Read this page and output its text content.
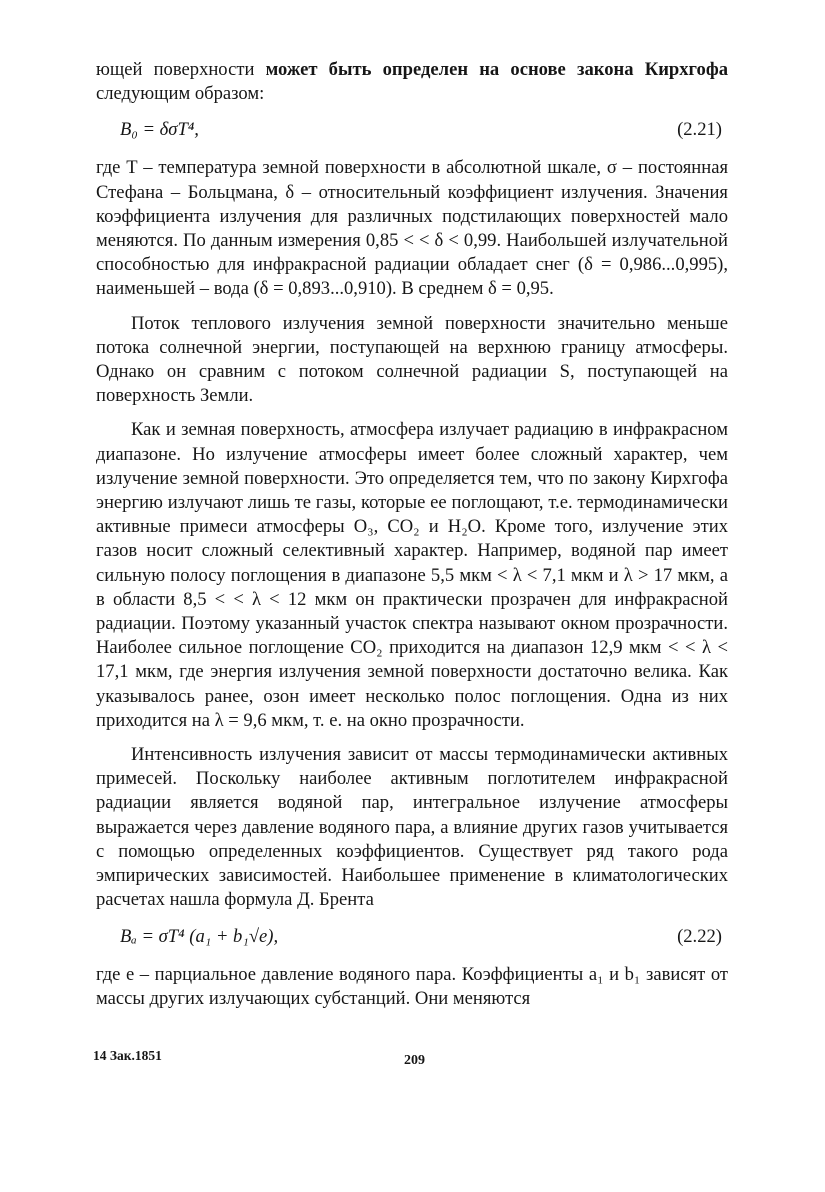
ющей поверхности может быть определен на основе закона Кирхгофа следующим образом:

B₀ = δσT⁴,	(2.21)

где T – температура земной поверхности в абсолютной шкале, σ – постоянная Стефана – Больцмана, δ – относительный коэффициент излучения. Значения коэффициента излучения для различных подстилающих поверхностей мало меняются. По данным измерения 0,85 < < δ < 0,99. Наибольшей излучательной способностью для инфракрасной радиации обладает снег (δ = 0,986...0,995), наименьшей – вода (δ = 0,893...0,910). В среднем δ = 0,95.

Поток теплового излучения земной поверхности значительно меньше потока солнечной энергии, поступающей на верхнюю границу атмосферы. Однако он сравним с потоком солнечной радиации S, поступающей на поверхность Земли.

Как и земная поверхность, атмосфера излучает радиацию в инфракрасном диапазоне. Но излучение атмосферы имеет более сложный характер, чем излучение земной поверхности. Это определяется тем, что по закону Кирхгофа энергию излучают лишь те газы, которые ее поглощают, т.е. термодинамически активные примеси атмосферы O₃, CO₂ и H₂O. Кроме того, излучение этих газов носит сложный селективный характер. Например, водяной пар имеет сильную полосу поглощения в диапазоне 5,5 мкм < λ < 7,1 мкм и λ > 17 мкм, а в области 8,5 < < λ < 12 мкм он практически прозрачен для инфракрасной радиации. Поэтому указанный участок спектра называют окном прозрачности. Наиболее сильное поглощение CO₂ приходится на диапазон 12,9 мкм < < λ < 17,1 мкм, где энергия излучения земной поверхности достаточно велика. Как указывалось ранее, озон имеет несколько полос поглощения. Одна из них приходится на λ = 9,6 мкм, т. е. на окно прозрачности.

Интенсивность излучения зависит от массы термодинамически активных примесей. Поскольку наиболее активным поглотителем инфракрасной радиации является водяной пар, интегральное излучение атмосферы выражается через давление водяного пара, а влияние других газов учитывается с помощью определенных коэффициентов. Существует ряд такого рода эмпирических зависимостей. Наибольшее применение в климатологических расчетах нашла формула Д. Брента

Bₐ = σT⁴ (a₁ + b₁√e),	(2.22)

где e – парциальное давление водяного пара. Коэффициенты a₁ и b₁ зависят от массы других излучающих субстанций. Они меняются

14 Зак.1851	209
